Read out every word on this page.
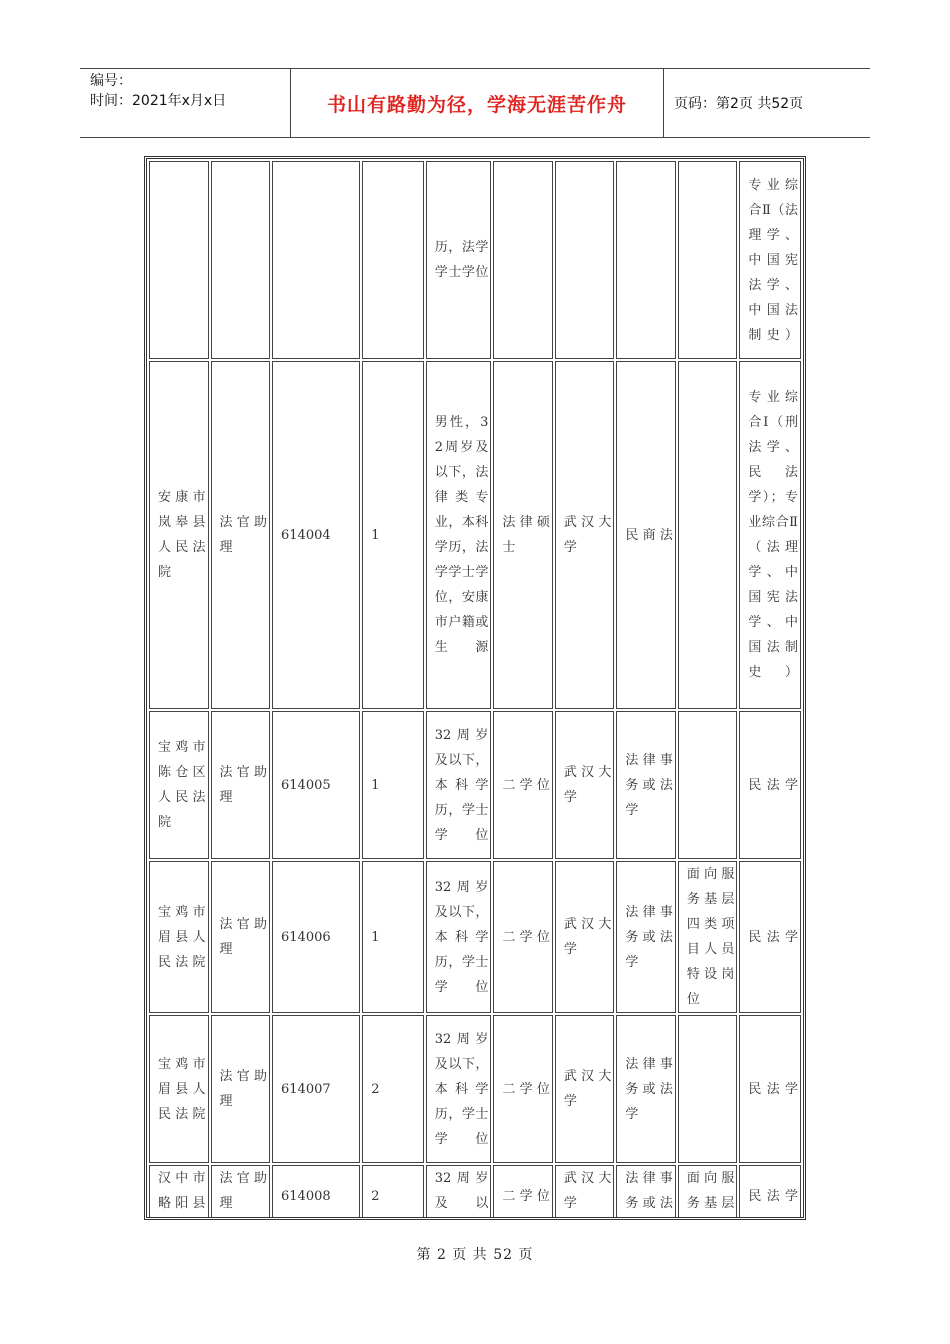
编号：
时间：2021年x月x日	书山有路勤为径，学海无涯苦作舟	页码：第2页 共52页
				历，法学学士学位					专业综合Ⅱ（法理学、中国宪法学、中国法制史）
安康市岚皋县人民法院	法官助理	614004	1	男性，32周岁及以下，法律类专业，本科学历，法学学士学位，安康市户籍或生源	法律硕士	武汉大学	民商法		专业综合Ⅰ（刑法学、民法学）；专业综合Ⅱ（法理学、中国宪法学、中国法制史）
宝鸡市陈仓区人民法院	法官助理	614005	1	32周岁及以下，本科学历，学士学位	二学位	武汉大学	法律事务或法学		民法学
宝鸡市眉县人民法院	法官助理	614006	1	32周岁及以下，本科学历，学士学位	二学位	武汉大学	法律事务或法学	面向服务基层四类项目人员特设岗位	民法学
宝鸡市眉县人民法院	法官助理	614007	2	32周岁及以下，本科学历，学士学位	二学位	武汉大学	法律事务或法学		民法学
汉中市略阳县	法官助理	614008	2	32周岁及以	二学位	武汉大学	法律事务或法	面向服务基层	民法学
第 2 页 共 52 页
